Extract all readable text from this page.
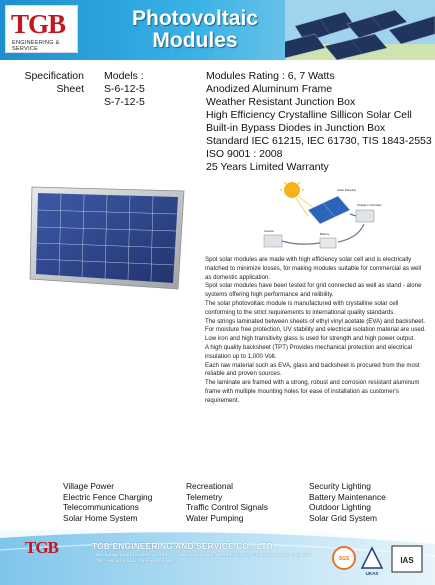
TGB
ENGINEERING & SERVICE
Photovoltaic
Modules
Specification
Sheet
Models :
S-6-12-5
S-7-12-5
Modules Rating : 6, 7 Watts
Anodized Aluminum Frame
Weather Resistant Junction Box
High Efficiency Crystalline Sillicon Solar Cell
Built-in Bypass Diodes in Junction Box
Standard IEC 61215, IEC 61730, TIS 1843-2553
ISO 9001 : 2008
25 Years Limited Warranty
Solar Panel(s)
Charger Controller
Inverter
Battery

Spot solar modules are made with high efficiency solar cell and is electrically matched to minimize losses, for making modules suitable for commercial as well as domestic application.

Spot solar modules have been tested for grid connected as well as stand - alone systems offering high performance and relibility.

The solar photovoltaic module is manufactured with crystalline solar cell conforming to the strict requirements to international quality standards.

The strings laminated between sheets of ethyl vinyl acetate (EVA) and backsheet.

For moisture free protection, UV stability and electrical isolation material are used. Low iron and high transitivity glass is used for strength and high power output.

A high quality backsheet (TPT) Provides mechanical protection and electrical insulation up to 1,000 Volt.

Each raw material such as EVA, glass and backsheet is procured from the most reliable and proven sources.

The laminate are framed with a strong, robust and corrosion resistant aluminum frame with multiple mounting holes for ease of installation as customer's requirement.

Village Power
Electric Fence Charging
Telecommunications
Solar Home System
Recreational
Telemetry
Traffic Control Signals
Water Pumping
Security Lighting
Battery Maintenance
Outdoor Lighting
Solar Grid System
TGB	TGB ENGINEERING AND SERVICE CO., LTD
56/5 M.5 NATIONAL HOUSING AUTHORITY TAMBON NONG HOI, AMPHOE MUEANG, CHIANG MAI 50000, THAILAND
TEL. +66(0)53 005 211 , FAX. +66(0)53 005 211	SGS
UKAS
IAS
